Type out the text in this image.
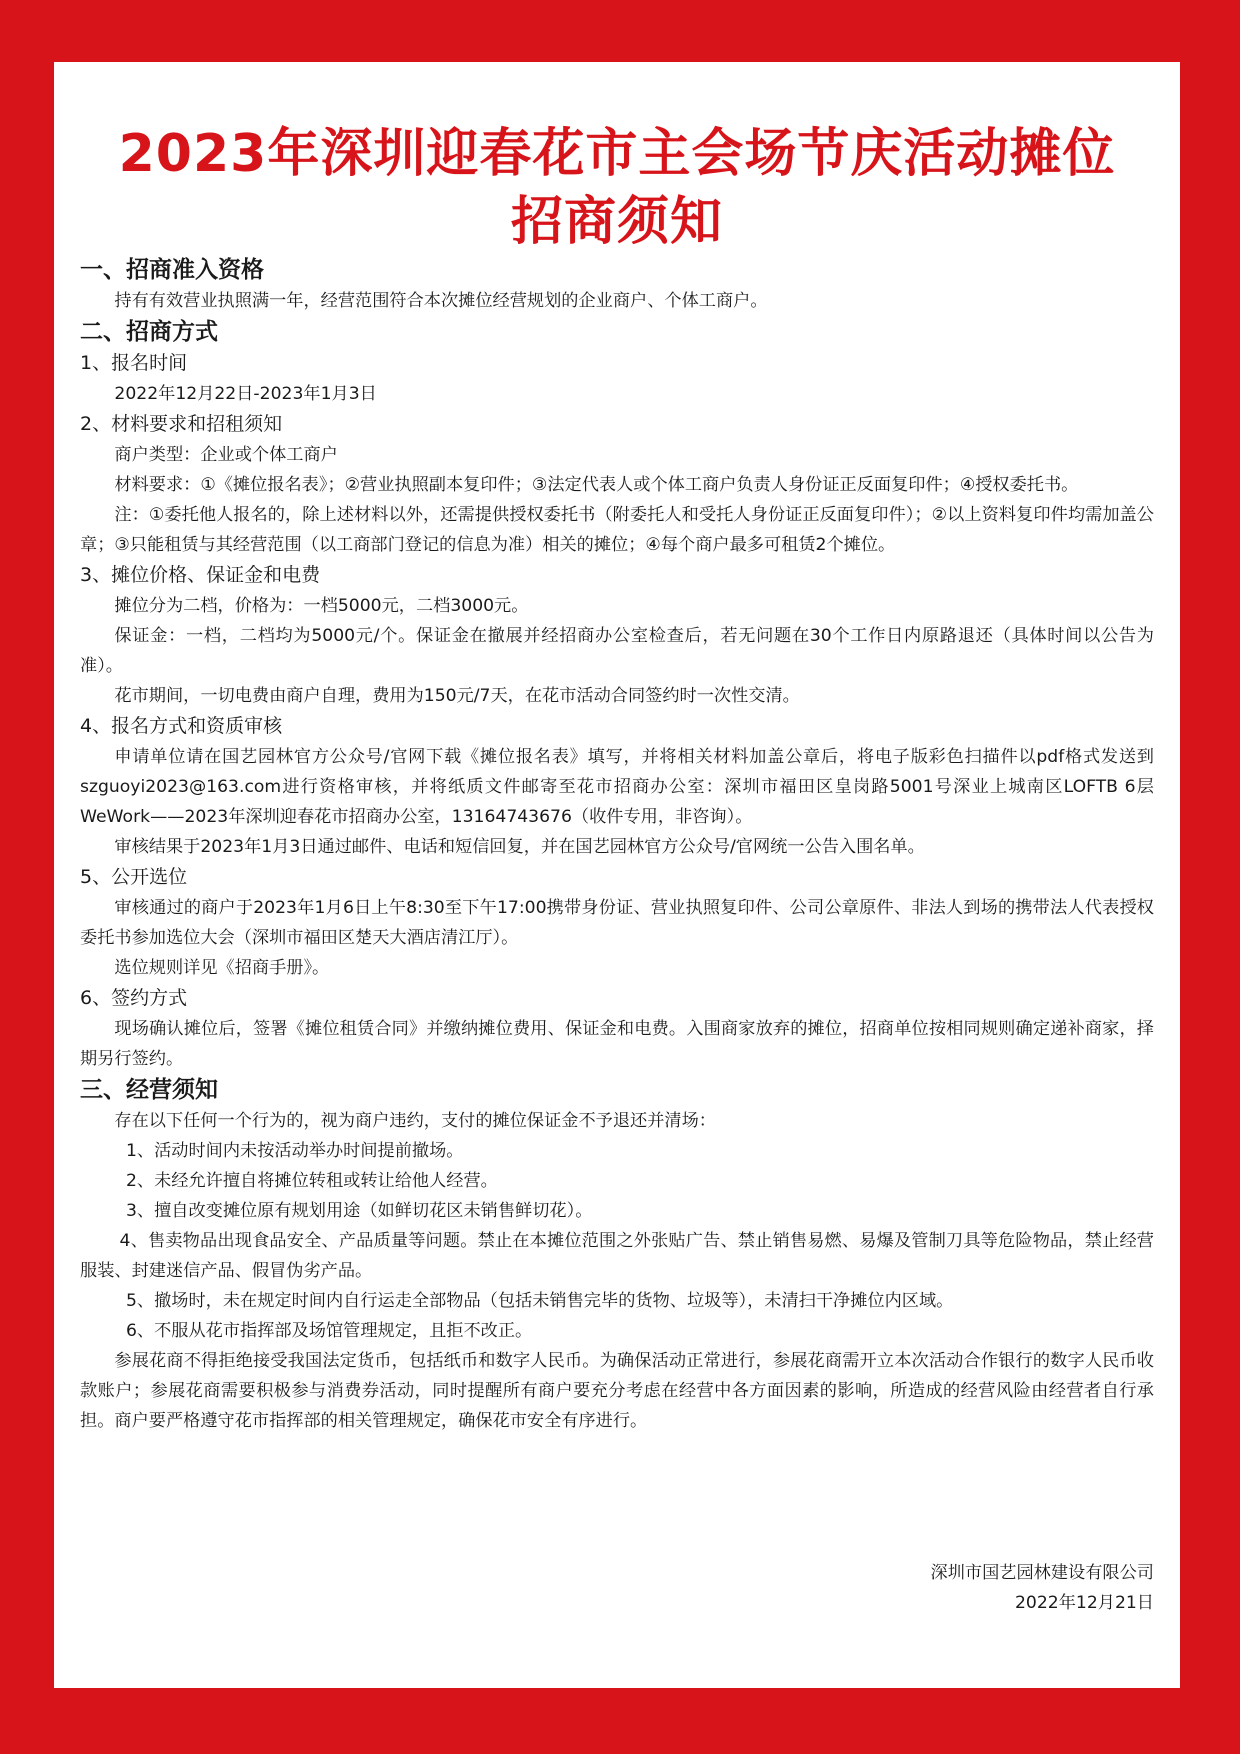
2023年深圳迎春花市主会场节庆活动摊位
招商须知
一、招商准入资格

持有有效营业执照满一年，经营范围符合本次摊位经营规划的企业商户、个体工商户。

二、招商方式
1、报名时间

2022年12月22日-2023年1月3日

2、材料要求和招租须知

商户类型：企业或个体工商户

材料要求：①《摊位报名表》；②营业执照副本复印件；③法定代表人或个体工商户负责人身份证正反面复印件；④授权委托书。

注：①委托他人报名的，除上述材料以外，还需提供授权委托书（附委托人和受托人身份证正反面复印件）；②以上资料复印件均需加盖公章；③只能租赁与其经营范围（以工商部门登记的信息为准）相关的摊位；④每个商户最多可租赁2个摊位。

3、摊位价格、保证金和电费

摊位分为二档，价格为：一档5000元，二档3000元。

保证金：一档，二档均为5000元/个。保证金在撤展并经招商办公室检查后，若无问题在30个工作日内原路退还（具体时间以公告为准）。

花市期间，一切电费由商户自理，费用为150元/7天，在花市活动合同签约时一次性交清。

4、报名方式和资质审核

申请单位请在国艺园林官方公众号/官网下载《摊位报名表》填写，并将相关材料加盖公章后，将电子版彩色扫描件以pdf格式发送到szguoyi2023@163.com进行资格审核，并将纸质文件邮寄至花市招商办公室：深圳市福田区皇岗路5001号深业上城南区LOFTB 6层 WeWork——2023年深圳迎春花市招商办公室，13164743676（收件专用，非咨询）。

审核结果于2023年1月3日通过邮件、电话和短信回复，并在国艺园林官方公众号/官网统一公告入围名单。

5、公开选位

审核通过的商户于2023年1月6日上午8:30至下午17:00携带身份证、营业执照复印件、公司公章原件、非法人到场的携带法人代表授权委托书参加选位大会（深圳市福田区楚天大酒店清江厅）。

选位规则详见《招商手册》。

6、签约方式

现场确认摊位后，签署《摊位租赁合同》并缴纳摊位费用、保证金和电费。入围商家放弃的摊位，招商单位按相同规则确定递补商家，择期另行签约。

三、经营须知

存在以下任何一个行为的，视为商户违约，支付的摊位保证金不予退还并清场：

1、活动时间内未按活动举办时间提前撤场。

2、未经允许擅自将摊位转租或转让给他人经营。

3、擅自改变摊位原有规划用途（如鲜切花区未销售鲜切花）。

4、售卖物品出现食品安全、产品质量等问题。禁止在本摊位范围之外张贴广告、禁止销售易燃、易爆及管制刀具等危险物品，禁止经营服装、封建迷信产品、假冒伪劣产品。

5、撤场时，未在规定时间内自行运走全部物品（包括未销售完毕的货物、垃圾等），未清扫干净摊位内区域。

6、不服从花市指挥部及场馆管理规定，且拒不改正。

参展花商不得拒绝接受我国法定货币，包括纸币和数字人民币。为确保活动正常进行，参展花商需开立本次活动合作银行的数字人民币收款账户；参展花商需要积极参与消费券活动，同时提醒所有商户要充分考虑在经营中各方面因素的影响，所造成的经营风险由经营者自行承担。商户要严格遵守花市指挥部的相关管理规定，确保花市安全有序进行。

深圳市国艺园林建设有限公司
2022年12月21日
